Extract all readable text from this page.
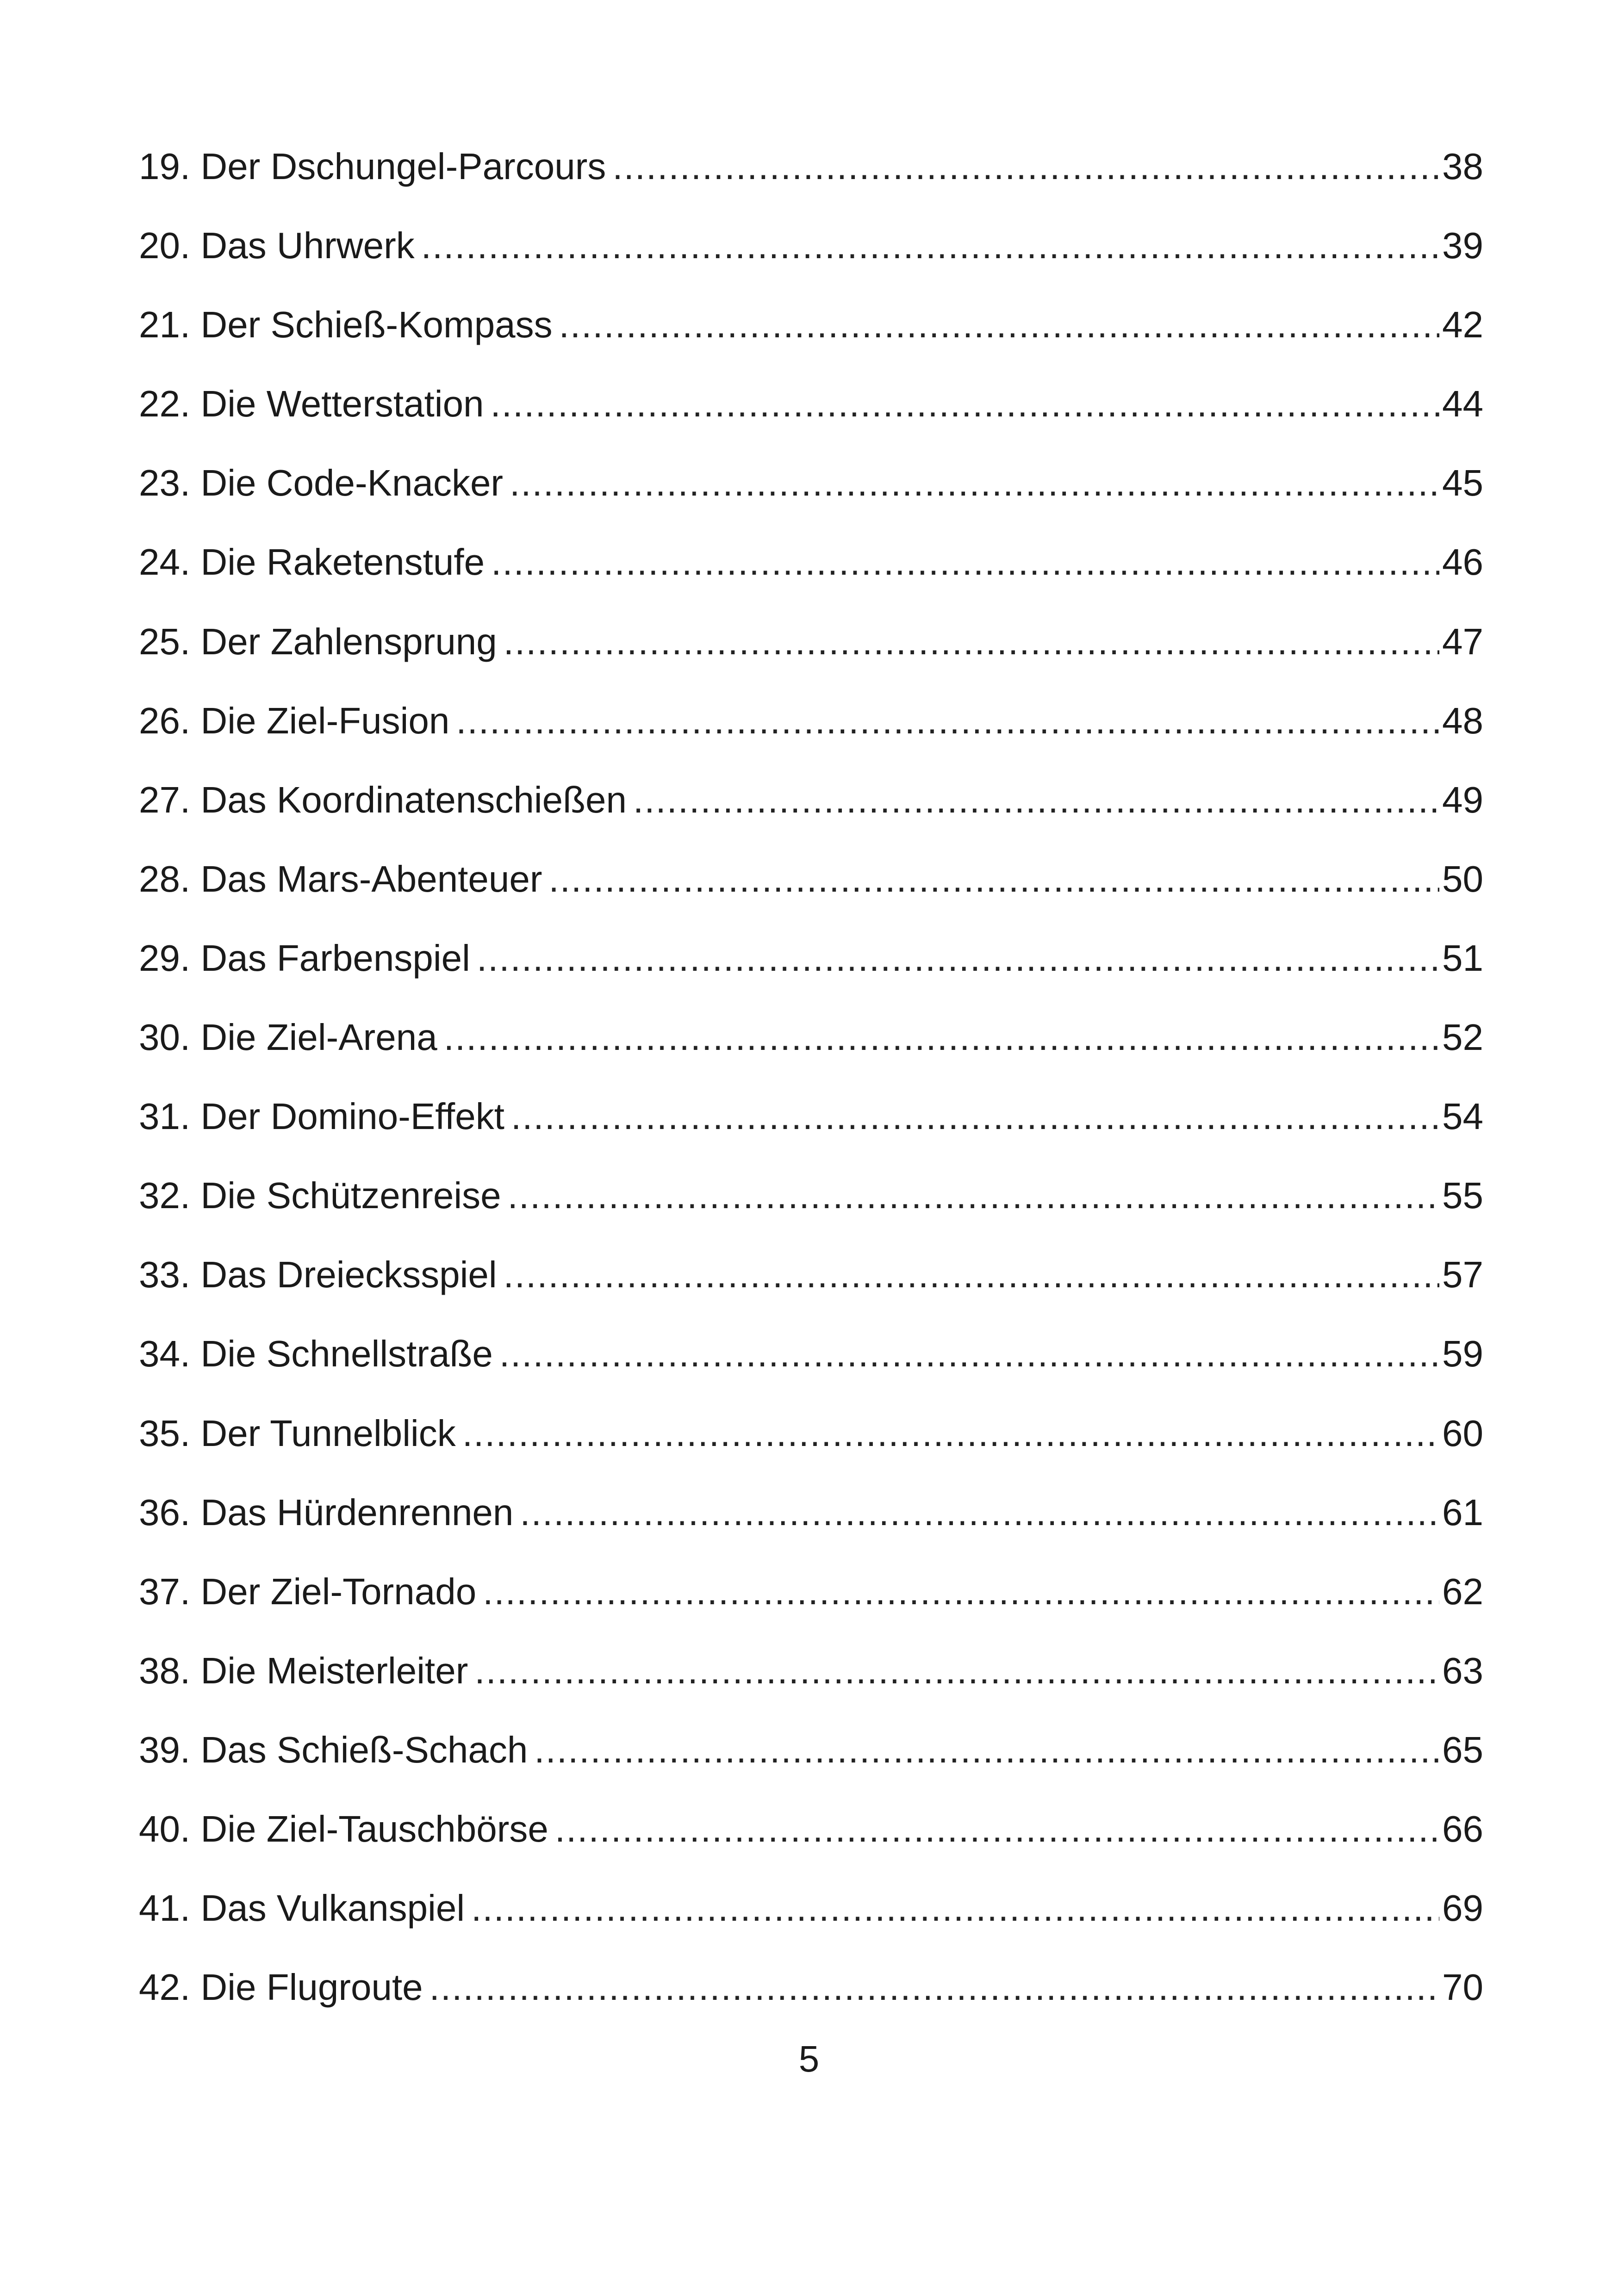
19. Der Dschungel-Parcours .....	38
20. Das Uhrwerk .....	39
21. Der Schieß-Kompass .....	42
22. Die Wetterstation .....	44
23. Die Code-Knacker .....	45
24. Die Raketenstufe .....	46
25. Der Zahlensprung .....	47
26. Die Ziel-Fusion .....	48
27. Das Koordinatenschießen .....	49
28. Das Mars-Abenteuer .....	50
29. Das Farbenspiel .....	51
30. Die Ziel-Arena .....	52
31. Der Domino-Effekt .....	54
32. Die Schützenreise .....	55
33. Das Dreiecksspiel .....	57
34. Die Schnellstraße .....	59
35. Der Tunnelblick .....	60
36. Das Hürdenrennen .....	61
37. Der Ziel-Tornado .....	62
38. Die Meisterleiter .....	63
39. Das Schieß-Schach .....	65
40. Die Ziel-Tauschbörse .....	66
41. Das Vulkanspiel .....	69
42. Die Flugroute .....	70
5
